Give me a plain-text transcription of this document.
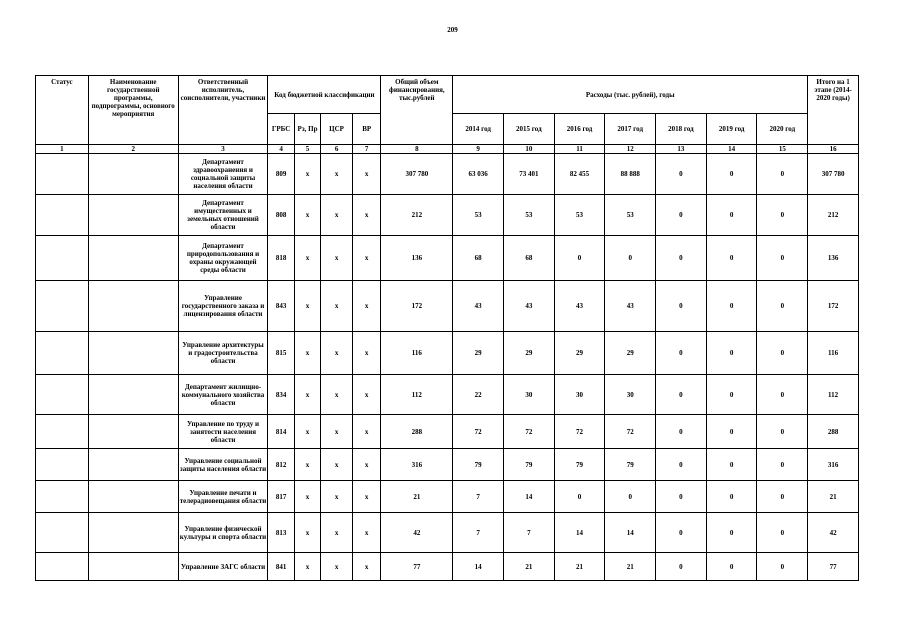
209
Статус	Наименование государственной программы, подпрограммы, основного мероприятия	Ответственный исполнитель, соисполнители, участники	Код бюджетной классификации				Общий объем финансирования, тыс.рублей	Расходы (тыс. рублей), годы							Итого на 1 этапе (2014-2020 годы)
			ГРБС	Рз, Пр	ЦСР	ВР		2014 год	2015 год	2016 год	2017 год	2018 год	2019 год	2020 год	
1	2	3	4	5	6	7	8	9	10	11	12	13	14	15	16
		Департамент здравоохранения и социальной защиты населения области	809	х	х	х	307 780	63 036	73 401	82 455	88 888	0	0	0	307 780
		Департамент имущественных и земельных отношений области	808	х	х	х	212	53	53	53	53	0	0	0	212
		Департамент природопользования и охраны окружающей среды области	818	х	х	х	136	68	68	0	0	0	0	0	136
		Управление государственного заказа и лицензирования области	843	х	х	х	172	43	43	43	43	0	0	0	172
		Управление архитектуры и градостроительства области	815	х	х	х	116	29	29	29	29	0	0	0	116
		Департамент жилищно-коммунального хозяйства области	834	х	х	х	112	22	30	30	30	0	0	0	112
		Управление по труду и занятости населения области	814	х	х	х	288	72	72	72	72	0	0	0	288
		Управление социальной защиты населения области	812	х	х	х	316	79	79	79	79	0	0	0	316
		Управление печати и телерадиовещания области	817	х	х	х	21	7	14	0	0	0	0	0	21
		Управление физической культуры и спорта области	813	х	х	х	42	7	7	14	14	0	0	0	42
		Управление ЗАГС области	841	х	х	х	77	14	21	21	21	0	0	0	77
